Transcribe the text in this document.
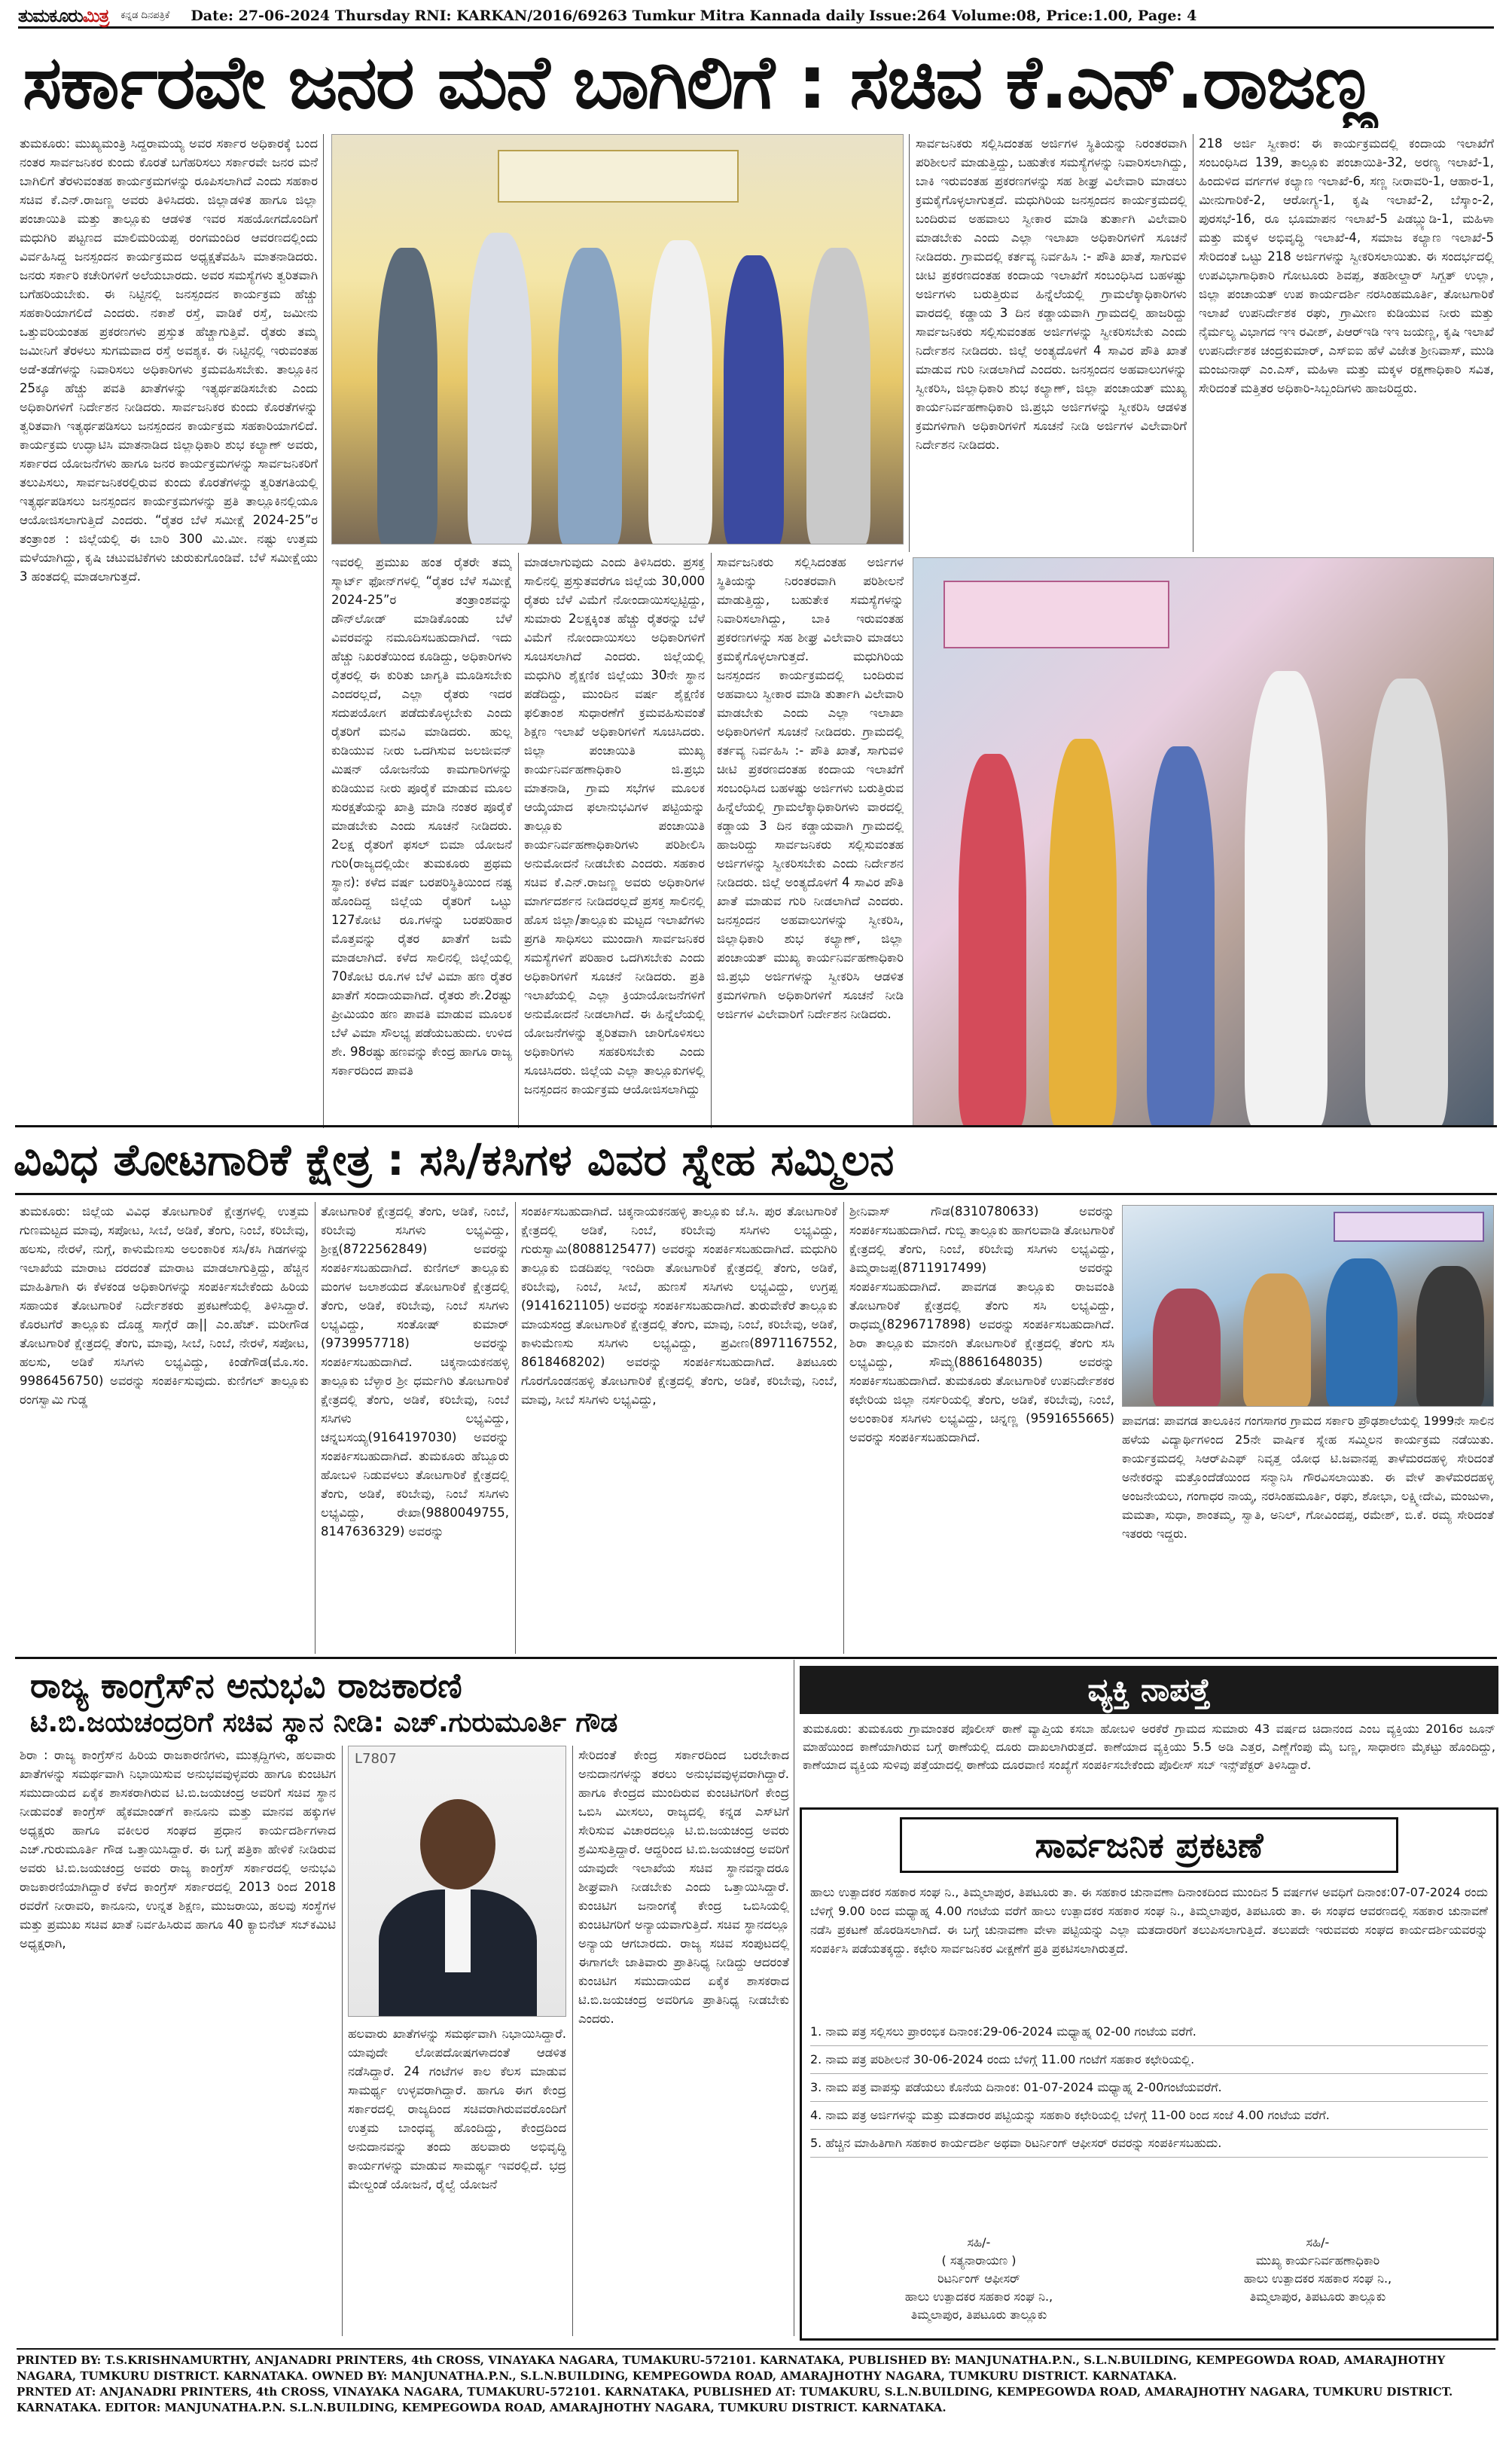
ತುಮಕೂರುಮಿತ್ರ ಕನ್ನಡ ದಿನಪತ್ರಿಕೆ Date: 27-06-2024 Thursday RNI: KARKAN/2016/69263 Tumkur Mitra Kannada daily Issue:264 Volume:08, Price:1.00, Page: 4
ಸರ್ಕಾರವೇ ಜನರ ಮನೆ ಬಾಗಿಲಿಗೆ : ಸಚಿವ ಕೆ.ಎನ್.ರಾಜಣ್ಣ
ತುಮಕೂರು: ಮುಖ್ಯಮಂತ್ರಿ ಸಿದ್ದರಾಮಯ್ಯ ಅವರ ಸರ್ಕಾರ ಅಧಿಕಾರಕ್ಕೆ ಬಂದ ನಂತರ ಸಾರ್ವಜನಿಕರ ಕುಂದು ಕೊರತೆ ಬಗೆಹರಿಸಲು ಸರ್ಕಾರವೇ ಜನರ ಮನೆ ಬಾಗಿಲಿಗೆ ತೆರಳುವಂತಹ ಕಾರ್ಯಕ್ರಮಗಳನ್ನು ರೂಪಿಸಲಾಗಿದೆ ಎಂದು ಸಹಕಾರ ಸಚಿವ ಕೆ.ಎನ್.ರಾಜಣ್ಣ ಅವರು ತಿಳಿಸಿದರು. ಜಿಲ್ಲಾಡಳಿತ ಹಾಗೂ ಜಿಲ್ಲಾ ಪಂಚಾಯಿತಿ ಮತ್ತು ತಾಲ್ಲೂಕು ಆಡಳಿತ ಇವರ ಸಹಯೋಗದೊಂದಿಗೆ ಮಧುಗಿರಿ ಪಟ್ಟಣದ ಮಾಲಿಮರಿಯಪ್ಪ ರಂಗಮಂದಿರ ಆವರಣದಲ್ಲಿಂದು ವಿರ್ವಹಿಸಿದ್ದ ಜನಸ್ಪಂದನ ಕಾರ್ಯಕ್ರಮದ ಅಧ್ಯಕ್ಷತೆವಹಿಸಿ ಮಾತನಾಡಿದರು. ಜನರು ಸರ್ಕಾರಿ ಕಚೇರಿಗಳಿಗೆ ಅಲೆಯಬಾರದು. ಅವರ ಸಮಸ್ಯೆಗಳು ತ್ವರಿತವಾಗಿ ಬಗೆಹರಿಯಬೇಕು. ಈ ನಿಟ್ಟಿನಲ್ಲಿ ಜನಸ್ಪಂದನ ಕಾರ್ಯಕ್ರಮ ಹೆಚ್ಚು ಸಹಕಾರಿಯಾಗಲಿದೆ ಎಂದರು. ನಕಾಶೆ ರಸ್ತೆ, ವಾಡಿಕೆ ರಸ್ತೆ, ಜಮೀನು ಒತ್ತುವರಿಯಂತಹ ಪ್ರಕರಣಗಳು ಪ್ರಸ್ತುತ ಹೆಚ್ಚಾಗುತ್ತಿವೆ. ರೈತರು ತಮ್ಮ ಜಮೀನಿಗೆ ತೆರಳಲು ಸುಗಮವಾದ ರಸ್ತೆ ಅವಶ್ಯಕ. ಈ ನಿಟ್ಟಿನಲ್ಲಿ ಇರುವಂತಹ ಅಡೆ-ತಡೆಗಳನ್ನು ನಿವಾರಿಸಲು ಅಧಿಕಾರಿಗಳು ಕ್ರಮವಹಿಸಬೇಕು. ತಾಲ್ಲೂಕಿನ 25ಕ್ಕೂ ಹೆಚ್ಚು ಪವತಿ ಖಾತೆಗಳನ್ನು ಇತ್ಯರ್ಥಪಡಿಸಬೇಕು ಎಂದು ಅಧಿಕಾರಿಗಳಿಗೆ ನಿರ್ದೇಶನ ನೀಡಿದರು. ಸಾರ್ವಜನಿಕರ ಕುಂದು ಕೊರತೆಗಳನ್ನು ತ್ವರಿತವಾಗಿ ಇತ್ಯರ್ಥಪಡಿಸಲು ಜನಸ್ಪಂದನ ಕಾರ್ಯಕ್ರಮ ಸಹಕಾರಿಯಾಗಲಿದೆ. ಕಾರ್ಯಕ್ರಮ ಉದ್ಘಾಟಿಸಿ ಮಾತನಾಡಿದ ಜಿಲ್ಲಾಧಿಕಾರಿ ಶುಭ ಕಲ್ಯಾಣ್ ಅವರು, ಸರ್ಕಾರದ ಯೋಜನೆಗಳು ಹಾಗೂ ಜನರ ಕಾರ್ಯಕ್ರಮಗಳನ್ನು ಸಾರ್ವಜನಿಕರಿಗೆ ತಲುಪಿಸಲು, ಸಾರ್ವಜನಿಕರಲ್ಲಿರುವ ಕುಂದು ಕೊರತೆಗಳನ್ನು ತ್ವರಿತಗತಿಯಲ್ಲಿ ಇತ್ಯರ್ಥಪಡಿಸಲು ಜನಸ್ಪಂದನ ಕಾರ್ಯಕ್ರಮಗಳನ್ನು ಪ್ರತಿ ತಾಲ್ಲೂಕಿನಲ್ಲಿಯೂ ಆಯೋಜಿಸಲಾಗುತ್ತಿದೆ ಎಂದರು. “ರೈತರ ಬೆಳೆ ಸಮೀಕ್ಷೆ 2024-25”ರ ತಂತ್ರಾಂಶ : ಜಿಲ್ಲೆಯಲ್ಲಿ ಈ ಬಾರಿ 300 ಮಿ.ಮೀ. ನಷ್ಟು ಉತ್ತಮ ಮಳೆಯಾಗಿದ್ದು, ಕೃಷಿ ಚಟುವಟಿಕೆಗಳು ಚುರುಕುಗೊಂಡಿವೆ. ಬೆಳೆ ಸಮೀಕ್ಷೆಯು 3 ಹಂತದಲ್ಲಿ ಮಾಡಲಾಗುತ್ತದೆ.
ಇವರಲ್ಲಿ ಪ್ರಮುಖ ಹಂತ ರೈತರೇ ತಮ್ಮ ಸ್ಮಾರ್ಟ್ ಫೋನ್‌ಗಳಲ್ಲಿ “ರೈತರ ಬೆಳೆ ಸಮೀಕ್ಷೆ 2024-25”ರ ತಂತ್ರಾಂಶವನ್ನು ಡೌನ್‌ಲೋಡ್ ಮಾಡಿಕೊಂಡು ಬೆಳೆ ವಿವರವನ್ನು ನಮೂದಿಸಬಹುದಾಗಿದೆ. ಇದು ಹೆಚ್ಚು ನಿಖರತೆಯಿಂದ ಕೂಡಿದ್ದು, ಅಧಿಕಾರಿಗಳು ರೈತರಲ್ಲಿ ಈ ಕುರಿತು ಜಾಗೃತಿ ಮೂಡಿಸಬೇಕು ಎಂದರಲ್ಲದೆ, ಎಲ್ಲಾ ರೈತರು ಇದರ ಸದುಪಯೋಗ ಪಡೆದುಕೊಳ್ಳಬೇಕು ಎಂದು ರೈತರಿಗೆ ಮನವಿ ಮಾಡಿದರು. ಹುಲ್ಲ ಕುಡಿಯುವ ನೀರು ಒದಗಿಸುವ ಜಲಜೀವನ್ ಮಿಷನ್ ಯೋಜನೆಯ ಕಾಮಗಾರಿಗಳನ್ನು ಕುಡಿಯುವ ನೀರು ಪೂರೈಕೆ ಮಾಡುವ ಮೂಲ ಸುರಕ್ಷತೆಯನ್ನು ಖಾತ್ರಿ ಮಾಡಿ ನಂತರ ಪೂರೈಕೆ ಮಾಡಬೇಕು ಎಂದು ಸೂಚನೆ ನೀಡಿದರು. 2ಲಕ್ಷ ರೈತರಿಗೆ ಫಸಲ್ ಬಿಮಾ ಯೋಜನೆ ಗುರಿ(ರಾಜ್ಯದಲ್ಲಿಯೇ ತುಮಕೂರು ಪ್ರಥಮ ಸ್ಥಾನ): ಕಳೆದ ವರ್ಷ ಬರಪರಿಸ್ಥಿತಿಯಿಂದ ನಷ್ಟ ಹೊಂದಿದ್ದ ಜಿಲ್ಲೆಯ ರೈತರಿಗೆ ಒಟ್ಟು 127ಕೋಟಿ ರೂ.ಗಳನ್ನು ಬರಪರಿಹಾರ ಮೊತ್ತವನ್ನು ರೈತರ ಖಾತೆಗೆ ಜಮೆ ಮಾಡಲಾಗಿದೆ. ಕಳೆದ ಸಾಲಿನಲ್ಲಿ ಜಿಲ್ಲೆಯಲ್ಲಿ 70ಕೋಟಿ ರೂ.ಗಳ ಬೆಳೆ ವಿಮಾ ಹಣ ರೈತರ ಖಾತೆಗೆ ಸಂದಾಯವಾಗಿದೆ. ರೈತರು ಶೇ.2ರಷ್ಟು ಪ್ರೀಮಿಯಂ ಹಣ ಪಾವತಿ ಮಾಡುವ ಮೂಲಕ ಬೆಳೆ ವಿಮಾ ಸೌಲಭ್ಯ ಪಡೆಯಬಹುದು. ಉಳಿದ ಶೇ. 98ರಷ್ಟು ಹಣವನ್ನು ಕೇಂದ್ರ ಹಾಗೂ ರಾಜ್ಯ ಸರ್ಕಾರದಿಂದ ಪಾವತಿ
ಮಾಡಲಾಗುವುದು ಎಂದು ತಿಳಿಸಿದರು. ಪ್ರಸಕ್ತ ಸಾಲಿನಲ್ಲಿ ಪ್ರಸ್ತುತವರೆಗೂ ಜಿಲ್ಲೆಯ 30,000 ರೈತರು ಬೆಳೆ ವಿಮೆಗೆ ನೋಂದಾಯಿಸಲ್ಪಟ್ಟಿದ್ದು, ಸುಮಾರು 2ಲಕ್ಷಕ್ಕಿಂತ ಹೆಚ್ಚು ರೈತರನ್ನು ಬೆಳೆ ವಿಮೆಗೆ ನೋಂದಾಯಿಸಲು ಅಧಿಕಾರಿಗಳಿಗೆ ಸೂಚಿಸಲಾಗಿದೆ ಎಂದರು. ಜಿಲ್ಲೆಯಲ್ಲಿ ಮಧುಗಿರಿ ಶೈಕ್ಷಣಿಕ ಜಿಲ್ಲೆಯು 30ನೇ ಸ್ಥಾನ ಪಡೆದಿದ್ದು, ಮುಂದಿನ ವರ್ಷ ಶೈಕ್ಷಣಿಕ ಫಲಿತಾಂಶ ಸುಧಾರಣೆಗೆ ಕ್ರಮವಹಿಸುವಂತೆ ಶಿಕ್ಷಣ ಇಲಾಖೆ ಅಧಿಕಾರಿಗಳಿಗೆ ಸೂಚಿಸಿದರು. ಜಿಲ್ಲಾ ಪಂಚಾಯಿತಿ ಮುಖ್ಯ ಕಾರ್ಯನಿರ್ವಹಣಾಧಿಕಾರಿ ಜಿ.ಪ್ರಭು ಮಾತನಾಡಿ, ಗ್ರಾಮ ಸಭೆಗಳ ಮೂಲಕ ಆಯ್ಕೆಯಾದ ಫಲಾನುಭವಿಗಳ ಪಟ್ಟಿಯನ್ನು ತಾಲ್ಲೂಕು ಪಂಚಾಯಿತಿ ಕಾರ್ಯನಿರ್ವಹಣಾಧಿಕಾರಿಗಳು ಪರಿಶೀಲಿಸಿ ಅನುಮೋದನೆ ನೀಡಬೇಕು ಎಂದರು. ಸಹಕಾರ ಸಚಿವ ಕೆ.ಎನ್.ರಾಜಣ್ಣ ಅವರು ಅಧಿಕಾರಿಗಳ ಮಾರ್ಗದರ್ಶನ ನೀಡಿದರಲ್ಲದೆ ಪ್ರಸಕ್ತ ಸಾಲಿನಲ್ಲಿ ಹೊಸ ಜಿಲ್ಲಾ/ತಾಲ್ಲೂಕು ಮಟ್ಟದ ಇಲಾಖೆಗಳು ಪ್ರಗತಿ ಸಾಧಿಸಲು ಮುಂದಾಗಿ ಸಾರ್ವಜನಿಕರ ಸಮಸ್ಯೆಗಳಿಗೆ ಪರಿಹಾರ ಒದಗಿಸಬೇಕು ಎಂದು ಅಧಿಕಾರಿಗಳಿಗೆ ಸೂಚನೆ ನೀಡಿದರು. ಪ್ರತಿ ಇಲಾಖೆಯಲ್ಲಿ ಎಲ್ಲಾ ಕ್ರಿಯಾಯೋಜನೆಗಳಿಗೆ ಅನುಮೋದನೆ ನೀಡಲಾಗಿದೆ. ಈ ಹಿನ್ನೆಲೆಯಲ್ಲಿ ಯೋಜನೆಗಳನ್ನು ತ್ವರಿತವಾಗಿ ಜಾರಿಗೊಳಿಸಲು ಅಧಿಕಾರಿಗಳು ಸಹಕರಿಸಬೇಕು ಎಂದು ಸೂಚಿಸಿದರು. ಜಿಲ್ಲೆಯ ಎಲ್ಲಾ ತಾಲ್ಲೂಕುಗಳಲ್ಲಿ ಜನಸ್ಪಂದನ ಕಾರ್ಯಕ್ರಮ ಆಯೋಜಿಸಲಾಗಿದ್ದು
ಸಾರ್ವಜನಿಕರು ಸಲ್ಲಿಸಿದಂತಹ ಅರ್ಜಿಗಳ ಸ್ಥಿತಿಯನ್ನು ನಿರಂತರವಾಗಿ ಪರಿಶೀಲನೆ ಮಾಡುತ್ತಿದ್ದು, ಬಹುತೇಕ ಸಮಸ್ಯೆಗಳನ್ನು ನಿವಾರಿಸಲಾಗಿದ್ದು, ಬಾಕಿ ಇರುವಂತಹ ಪ್ರಕರಣಗಳನ್ನು ಸಹ ಶೀಘ್ರ ವಿಲೇವಾರಿ ಮಾಡಲು ಕ್ರಮಕೈಗೊಳ್ಳಲಾಗುತ್ತದೆ. ಮಧುಗಿರಿಯ ಜನಸ್ಪಂದನ ಕಾರ್ಯಕ್ರಮದಲ್ಲಿ ಬಂದಿರುವ ಅಹವಾಲು ಸ್ವೀಕಾರ ಮಾಡಿ ತುರ್ತಾಗಿ ವಿಲೇವಾರಿ ಮಾಡಬೇಕು ಎಂದು ಎಲ್ಲಾ ಇಲಾಖಾ ಅಧಿಕಾರಿಗಳಿಗೆ ಸೂಚನೆ ನೀಡಿದರು. ಗ್ರಾಮದಲ್ಲಿ ಕರ್ತವ್ಯ ನಿರ್ವಹಿಸಿ :- ಪೌತಿ ಖಾತೆ, ಸಾಗುವಳಿ ಚೀಟಿ ಪ್ರಕರಣದಂತಹ ಕಂದಾಯ ಇಲಾಖೆಗೆ ಸಂಬಂಧಿಸಿದ ಬಹಳಷ್ಟು ಅರ್ಜಿಗಳು ಬರುತ್ತಿರುವ ಹಿನ್ನೆಲೆಯಲ್ಲಿ ಗ್ರಾಮಲೆಕ್ಕಾಧಿಕಾರಿಗಳು ವಾರದಲ್ಲಿ ಕಡ್ಡಾಯ 3 ದಿನ ಕಡ್ಡಾಯವಾಗಿ ಗ್ರಾಮದಲ್ಲಿ ಹಾಜರಿದ್ದು ಸಾರ್ವಜನಿಕರು ಸಲ್ಲಿಸುವಂತಹ ಅರ್ಜಿಗಳನ್ನು ಸ್ವೀಕರಿಸಬೇಕು ಎಂದು ನಿರ್ದೇಶನ ನೀಡಿದರು. ಜಿಲ್ಲೆ ಅಂತ್ಯದೊಳಗೆ 4 ಸಾವಿರ ಪೌತಿ ಖಾತೆ ಮಾಡುವ ಗುರಿ ನೀಡಲಾಗಿದೆ ಎಂದರು. ಜನಸ್ಪಂದನ ಅಹವಾಲುಗಳನ್ನು ಸ್ವೀಕರಿಸಿ, ಜಿಲ್ಲಾಧಿಕಾರಿ ಶುಭ ಕಲ್ಯಾಣ್, ಜಿಲ್ಲಾ ಪಂಚಾಯತ್ ಮುಖ್ಯ ಕಾರ್ಯನಿರ್ವಹಣಾಧಿಕಾರಿ ಜಿ.ಪ್ರಭು ಅರ್ಜಿಗಳನ್ನು ಸ್ವೀಕರಿಸಿ ಆಡಳಿತ ಕ್ರಮಗಳಿಗಾಗಿ ಅಧಿಕಾರಿಗಳಿಗೆ ಸೂಚನೆ ನೀಡಿ ಅರ್ಜಿಗಳ ವಿಲೇವಾರಿಗೆ ನಿರ್ದೇಶನ ನೀಡಿದರು.
ಸಾರ್ವಜನಿಕರು ಸಲ್ಲಿಸಿದಂತಹ ಅರ್ಜಿಗಳ ಸ್ಥಿತಿಯನ್ನು ನಿರಂತರವಾಗಿ ಪರಿಶೀಲನೆ ಮಾಡುತ್ತಿದ್ದು, ಬಹುತೇಕ ಸಮಸ್ಯೆಗಳನ್ನು ನಿವಾರಿಸಲಾಗಿದ್ದು, ಬಾಕಿ ಇರುವಂತಹ ಪ್ರಕರಣಗಳನ್ನು ಸಹ ಶೀಘ್ರ ವಿಲೇವಾರಿ ಮಾಡಲು ಕ್ರಮಕೈಗೊಳ್ಳಲಾಗುತ್ತದೆ. ಮಧುಗಿರಿಯ ಜನಸ್ಪಂದನ ಕಾರ್ಯಕ್ರಮದಲ್ಲಿ ಬಂದಿರುವ ಅಹವಾಲು ಸ್ವೀಕಾರ ಮಾಡಿ ತುರ್ತಾಗಿ ವಿಲೇವಾರಿ ಮಾಡಬೇಕು ಎಂದು ಎಲ್ಲಾ ಇಲಾಖಾ ಅಧಿಕಾರಿಗಳಿಗೆ ಸೂಚನೆ ನೀಡಿದರು. ಗ್ರಾಮದಲ್ಲಿ ಕರ್ತವ್ಯ ನಿರ್ವಹಿಸಿ :- ಪೌತಿ ಖಾತೆ, ಸಾಗುವಳಿ ಚೀಟಿ ಪ್ರಕರಣದಂತಹ ಕಂದಾಯ ಇಲಾಖೆಗೆ ಸಂಬಂಧಿಸಿದ ಬಹಳಷ್ಟು ಅರ್ಜಿಗಳು ಬರುತ್ತಿರುವ ಹಿನ್ನೆಲೆಯಲ್ಲಿ ಗ್ರಾಮಲೆಕ್ಕಾಧಿಕಾರಿಗಳು ವಾರದಲ್ಲಿ ಕಡ್ಡಾಯ 3 ದಿನ ಕಡ್ಡಾಯವಾಗಿ ಗ್ರಾಮದಲ್ಲಿ ಹಾಜರಿದ್ದು ಸಾರ್ವಜನಿಕರು ಸಲ್ಲಿಸುವಂತಹ ಅರ್ಜಿಗಳನ್ನು ಸ್ವೀಕರಿಸಬೇಕು ಎಂದು ನಿರ್ದೇಶನ ನೀಡಿದರು. ಜಿಲ್ಲೆ ಅಂತ್ಯದೊಳಗೆ 4 ಸಾವಿರ ಪೌತಿ ಖಾತೆ ಮಾಡುವ ಗುರಿ ನೀಡಲಾಗಿದೆ ಎಂದರು. ಜನಸ್ಪಂದನ ಅಹವಾಲುಗಳನ್ನು ಸ್ವೀಕರಿಸಿ, ಜಿಲ್ಲಾಧಿಕಾರಿ ಶುಭ ಕಲ್ಯಾಣ್, ಜಿಲ್ಲಾ ಪಂಚಾಯತ್ ಮುಖ್ಯ ಕಾರ್ಯನಿರ್ವಹಣಾಧಿಕಾರಿ ಜಿ.ಪ್ರಭು ಅರ್ಜಿಗಳನ್ನು ಸ್ವೀಕರಿಸಿ ಆಡಳಿತ ಕ್ರಮಗಳಿಗಾಗಿ ಅಧಿಕಾರಿಗಳಿಗೆ ಸೂಚನೆ ನೀಡಿ ಅರ್ಜಿಗಳ ವಿಲೇವಾರಿಗೆ ನಿರ್ದೇಶನ ನೀಡಿದರು.
218 ಅರ್ಜಿ ಸ್ವೀಕಾರ: ಈ ಕಾರ್ಯಕ್ರಮದಲ್ಲಿ ಕಂದಾಯ ಇಲಾಖೆಗೆ ಸಂಬಂಧಿಸಿದ 139, ತಾಲ್ಲೂಕು ಪಂಚಾಯಿತಿ-32, ಅರಣ್ಯ ಇಲಾಖೆ-1, ಹಿಂದುಳಿದ ವರ್ಗಗಳ ಕಲ್ಯಾಣ ಇಲಾಖೆ-6, ಸಣ್ಣ ನೀರಾವರಿ-1, ಆಹಾರ-1, ಮೀನುಗಾರಿಕೆ-2, ಆರೋಗ್ಯ-1, ಕೃಷಿ ಇಲಾಖೆ-2, ಬೆಸ್ಕಾಂ-2, ಪುರಸಭೆ-16, ರೂ ಭೂಮಾಪನ ಇಲಾಖೆ-5 ಪಿಡಬ್ಲ್ಯುಡಿ-1, ಮಹಿಳಾ ಮತ್ತು ಮಕ್ಕಳ ಅಭಿವೃದ್ಧಿ ಇಲಾಖೆ-4, ಸಮಾಜ ಕಲ್ಯಾಣ ಇಲಾಖೆ-5 ಸೇರಿದಂತೆ ಒಟ್ಟು 218 ಅರ್ಜಿಗಳನ್ನು ಸ್ವೀಕರಿಸಲಾಯಿತು. ಈ ಸಂದರ್ಭದಲ್ಲಿ ಉಪವಿಭಾಗಾಧಿಕಾರಿ ಗೋಟೂರು ಶಿವಪ್ಪ, ತಹಶೀಲ್ದಾರ್ ಸಿಗ್ಬತ್ ಉಲ್ಲಾ, ಜಿಲ್ಲಾ ಪಂಚಾಯತ್ ಉಪ ಕಾರ್ಯದರ್ಶಿ ನರಸಿಂಹಮೂರ್ತಿ, ತೋಟಗಾರಿಕೆ ಇಲಾಖೆ ಉಪನಿರ್ದೇಶಕ ರಘು, ಗ್ರಾಮೀಣ ಕುಡಿಯುವ ನೀರು ಮತ್ತು ನೈರ್ಮಲ್ಯ ವಿಭಾಗದ ಇಇ ರವೀಶ್, ಪಿಆರ್‌ಇಡಿ ಇಇ ಜಯಣ್ಣ, ಕೃಷಿ ಇಲಾಖೆ ಉಪನಿರ್ದೇಶಕ ಚಂದ್ರಕುಮಾರ್, ಎಸ್ಐಐ ಹೆಳೆ ವಿಜೇತ ಶ್ರೀನಿವಾಸ್, ಮುಡಿ ಮಂಜುನಾಥ್ ಎಂ.ಎಸ್, ಮಹಿಳಾ ಮತ್ತು ಮಕ್ಕಳ ರಕ್ಷಣಾಧಿಕಾರಿ ಸವಿತ, ಸೇರಿದಂತೆ ಮತ್ತಿತರ ಅಧಿಕಾರಿ-ಸಿಬ್ಬಂದಿಗಳು ಹಾಜರಿದ್ದರು.
ವಿವಿಧ ತೋಟಗಾರಿಕೆ ಕ್ಷೇತ್ರ : ಸಸಿ/ಕಸಿಗಳ ವಿವರ ಸ್ನೇಹ ಸಮ್ಮಿಲನ
ತುಮಕೂರು: ಜಿಲ್ಲೆಯ ವಿವಿಧ ತೋಟಗಾರಿಕೆ ಕ್ಷೇತ್ರಗಳಲ್ಲಿ ಉತ್ತಮ ಗುಣಮಟ್ಟದ ಮಾವು, ಸಪೋಟ, ಸೀಬೆ, ಅಡಿಕೆ, ತೆಂಗು, ನಿಂಬೆ, ಕರಿಬೇವು, ಹಲಸು, ನೇರಳೆ, ನುಗ್ಗೆ, ಕಾಳುಮೆಣಸು ಅಲಂಕಾರಿಕ ಸಸಿ/ಕಸಿ ಗಿಡಗಳನ್ನು ಇಲಾಖೆಯ ಮಾರಾಟ ದರದಂತೆ ಮಾರಾಟ ಮಾಡಲಾಗುತ್ತಿದ್ದು, ಹೆಚ್ಚಿನ ಮಾಹಿತಿಗಾಗಿ ಈ ಕೆಳಕಂಡ ಅಧಿಕಾರಿಗಳನ್ನು ಸಂಪರ್ಕಿಸಬೇಕೆಂದು ಹಿರಿಯ ಸಹಾಯಕ ತೋಟಗಾರಿಕೆ ನಿರ್ದೇಶಕರು ಪ್ರಕಟಣೆಯಲ್ಲಿ ತಿಳಿಸಿದ್ದಾರೆ. ಕೊರಟಗೆರೆ ತಾಲ್ಲೂಕು ದೊಡ್ಡ ಸಾಗ್ಗೆರೆ ಡಾ|| ಎಂ.ಹೆಚ್. ಮರೀಗೌಡ ತೋಟಗಾರಿಕೆ ಕ್ಷೇತ್ರದಲ್ಲಿ ತೆಂಗು, ಮಾವು, ಸೀಬೆ, ನಿಂಬೆ, ನೇರಳೆ, ಸಪೋಟ, ಹಲಸು, ಅಡಿಕೆ ಸಸಿಗಳು ಲಭ್ಯವಿದ್ದು, ಕಿಂಡೆಗೌಡ(ಮೊ.ಸಂ. 9986456750) ಅವರನ್ನು ಸಂಪರ್ಕಿಸುವುದು. ಕುಣಿಗಲ್ ತಾಲ್ಲೂಕು ರಂಗಸ್ವಾಮಿ ಗುಡ್ಡ
ತೋಟಗಾರಿಕೆ ಕ್ಷೇತ್ರದಲ್ಲಿ ತೆಂಗು, ಅಡಿಕೆ, ನಿಂಬೆ, ಕರಿಬೇವು ಸಸಿಗಳು ಲಭ್ಯವಿದ್ದು, ಶ್ರೀಕ್ಷ(8722562849) ಅವರನ್ನು ಸಂಪರ್ಕಿಸಬಹುದಾಗಿದೆ. ಕುಣಿಗಲ್ ತಾಲ್ಲೂಕು ಮಂಗಳ ಜಲಾಶಯದ ತೋಟಗಾರಿಕೆ ಕ್ಷೇತ್ರದಲ್ಲಿ ತೆಂಗು, ಅಡಿಕೆ, ಕರಿಬೇವು, ನಿಂಬೆ ಸಸಿಗಳು ಲಭ್ಯವಿದ್ದು, ಸಂತೋಷ್ ಕುಮಾರ್ (9739957718) ಅವರನ್ನು ಸಂಪರ್ಕಿಸಬಹುದಾಗಿದೆ. ಚಿಕ್ಕನಾಯಕನಹಳ್ಳಿ ತಾಲ್ಲೂಕು ಬೆಳ್ಳಾರ ಶ್ರೀ ಧರ್ಮಗಿರಿ ತೋಟಗಾರಿಕೆ ಕ್ಷೇತ್ರದಲ್ಲಿ ತೆಂಗು, ಅಡಿಕೆ, ಕರಿಬೇವು, ನಿಂಬೆ ಸಸಿಗಳು ಲಭ್ಯವಿದ್ದು, ಚನ್ನಬಸಯ್ಯ(9164197030) ಅವರನ್ನು ಸಂಪರ್ಕಿಸಬಹುದಾಗಿದೆ. ತುಮಕೂರು ಹೆಬ್ಬೂರು ಹೋಬಳಿ ನಿಡುವಳಲು ತೋಟಗಾರಿಕೆ ಕ್ಷೇತ್ರದಲ್ಲಿ ತೆಂಗು, ಅಡಿಕೆ, ಕರಿಬೇವು, ನಿಂಬೆ ಸಸಿಗಳು ಲಭ್ಯವಿದ್ದು, ರೇಖಾ(9880049755, 8147636329) ಅವರನ್ನು
ಸಂಪರ್ಕಿಸಬಹುದಾಗಿದೆ. ಚಿಕ್ಕನಾಯಕನಹಳ್ಳಿ ತಾಲ್ಲೂಕು ಜೆ.ಸಿ. ಪುರ ತೋಟಗಾರಿಕೆ ಕ್ಷೇತ್ರದಲ್ಲಿ ಅಡಿಕೆ, ನಿಂಬೆ, ಕರಿಬೇವು ಸಸಿಗಳು ಲಭ್ಯವಿದ್ದು, ಗುರುಸ್ವಾಮಿ(8088125477) ಅವರನ್ನು ಸಂಪರ್ಕಿಸಬಹುದಾಗಿದೆ. ಮಧುಗಿರಿ ತಾಲ್ಲೂಕು ಬಿಡದಿಪಲ್ಲ ಇಂದಿರಾ ತೋಟಗಾರಿಕೆ ಕ್ಷೇತ್ರದಲ್ಲಿ ತೆಂಗು, ಅಡಿಕೆ, ಕರಿಬೇವು, ನಿಂಬೆ, ಸೀಬೆ, ಹುಣಸೆ ಸಸಿಗಳು ಲಭ್ಯವಿದ್ದು, ಉಗ್ರಪ್ಪ (9141621105) ಅವರನ್ನು ಸಂಪರ್ಕಿಸಬಹುದಾಗಿದೆ. ತುರುವೇಕೆರೆ ತಾಲ್ಲೂಕು ಮಾಯಸಂದ್ರ ತೋಟಗಾರಿಕೆ ಕ್ಷೇತ್ರದಲ್ಲಿ ತೆಂಗು, ಮಾವು, ನಿಂಬೆ, ಕರಿಬೇವು, ಅಡಿಕೆ, ಕಾಳುಮೆಣಸು ಸಸಿಗಳು ಲಭ್ಯವಿದ್ದು, ಪ್ರವೀಣ(8971167552, 8618468202) ಅವರನ್ನು ಸಂಪರ್ಕಿಸಬಹುದಾಗಿದೆ. ತಿಪಟೂರು ಗೊರಗೊಂಡನಹಳ್ಳಿ ತೋಟಗಾರಿಕೆ ಕ್ಷೇತ್ರದಲ್ಲಿ ತೆಂಗು, ಅಡಿಕೆ, ಕರಿಬೇವು, ನಿಂಬೆ, ಮಾವು, ಸೀಬೆ ಸಸಿಗಳು ಲಭ್ಯವಿದ್ದು,
ಶ್ರೀನಿವಾಸ್ ಗೌಡ(8310780633) ಅವರನ್ನು ಸಂಪರ್ಕಿಸಬಹುದಾಗಿದೆ. ಗುಬ್ಬಿ ತಾಲ್ಲೂಕು ಹಾಗಲವಾಡಿ ತೋಟಗಾರಿಕೆ ಕ್ಷೇತ್ರದಲ್ಲಿ ತೆಂಗು, ನಿಂಬೆ, ಕರಿಬೇವು ಸಸಿಗಳು ಲಭ್ಯವಿದ್ದು, ತಿಮ್ಮರಾಜಪ್ಪ(8711917499) ಅವರನ್ನು ಸಂಪರ್ಕಿಸಬಹುದಾಗಿದೆ. ಪಾವಗಡ ತಾಲ್ಲೂಕು ರಾಜವಂತಿ ತೋಟಗಾರಿಕೆ ಕ್ಷೇತ್ರದಲ್ಲಿ ತೆಂಗು ಸಸಿ ಲಭ್ಯವಿದ್ದು, ರಾಧಮ್ಮ(8296717898) ಅವರನ್ನು ಸಂಪರ್ಕಿಸಬಹುದಾಗಿದೆ. ಶಿರಾ ತಾಲ್ಲೂಕು ಮಾನಂಗಿ ತೋಟಗಾರಿಕೆ ಕ್ಷೇತ್ರದಲ್ಲಿ ತೆಂಗು ಸಸಿ ಲಭ್ಯವಿದ್ದು, ಸೌಮ್ಯ(8861648035) ಅವರನ್ನು ಸಂಪರ್ಕಿಸಬಹುದಾಗಿದೆ. ತುಮಕೂರು ತೋಟಗಾರಿಕೆ ಉಪನಿರ್ದೇಶಕರ ಕಛೇರಿಯ ಜಿಲ್ಲಾ ನರ್ಸರಿಯಲ್ಲಿ ತೆಂಗು, ಅಡಿಕೆ, ಕರಿಬೇವು, ನಿಂಬೆ, ಅಲಂಕಾರಿಕ ಸಸಿಗಳು ಲಭ್ಯವಿದ್ದು, ಚಿನ್ನಣ್ಣ (9591655665) ಅವರನ್ನು ಸಂಪರ್ಕಿಸಬಹುದಾಗಿದೆ.
ಪಾವಗಡ: ಪಾವಗಡ ತಾಲೂಕಿನ ಗಂಗಸಾಗರ ಗ್ರಾಮದ ಸರ್ಕಾರಿ ಪ್ರೌಢಶಾಲೆಯಲ್ಲಿ 1999ನೇ ಸಾಲಿನ ಹಳೆಯ ವಿದ್ಯಾರ್ಥಿಗಳಿಂದ 25ನೇ ವಾರ್ಷಿಕ ಸ್ನೇಹ ಸಮ್ಮಿಲನ ಕಾರ್ಯಕ್ರಮ ನಡೆಯಿತು. ಕಾರ್ಯಕ್ರಮದಲ್ಲಿ ಸಿಆರ್‌ಪಿಎಫ್ ನಿವೃತ್ತ ಯೋಧ ಟಿ.ಜವಾನಪ್ಪ ತಾಳೆಮರದಹಳ್ಳಿ ಸೇರಿದಂತೆ ಅನೇಕರನ್ನು ಮತ್ತೊಂದೆಡೆಯಿಂದ ಸನ್ಮಾನಿಸಿ ಗೌರವಿಸಲಾಯಿತು. ಈ ವೇಳೆ ತಾಳೆಮರದಹಳ್ಳಿ ಅಂಜನೇಯಲು, ಗಂಗಾಧರ ನಾಯ್ಕ, ನರಸಿಂಹಮೂರ್ತಿ, ರಘು, ಶೋಭಾ, ಲಕ್ಷ್ಮೀದೇವಿ, ಮಂಜುಳಾ, ಮಮತಾ, ಸುಧಾ, ಶಾಂತಮ್ಮ, ಸ್ವಾತಿ, ಅನಿಲ್, ಗೋವಿಂದಪ್ಪ, ರಮೇಶ್, ಬಿ.ಕೆ. ರಮ್ಯ ಸೇರಿದಂತೆ ಇತರರು ಇದ್ದರು.
ರಾಜ್ಯ ಕಾಂಗ್ರೆಸ್‌ನ ಅನುಭವಿ ರಾಜಕಾರಣಿ
ಟಿ.ಬಿ.ಜಯಚಂದ್ರರಿಗೆ ಸಚಿವ ಸ್ಥಾನ ನೀಡಿ: ಎಚ್.ಗುರುಮೂರ್ತಿ ಗೌಡ
ಶಿರಾ : ರಾಜ್ಯ ಕಾಂಗ್ರೆಸ್‌ನ ಹಿರಿಯ ರಾಜಕಾರಣಿಗಳು, ಮುತ್ಸದ್ದಿಗಳು, ಹಲವಾರು ಖಾತೆಗಳನ್ನು ಸಮರ್ಥವಾಗಿ ನಿಭಾಯಿಸುವ ಅನುಭವವುಳ್ಳವರು ಹಾಗೂ ಕುಂಚಿಟಿಗ ಸಮುದಾಯದ ಏಕೈಕ ಶಾಸಕರಾಗಿರುವ ಟಿ.ಬಿ.ಜಯಚಂದ್ರ ಅವರಿಗೆ ಸಚಿವ ಸ್ಥಾನ ನೀಡುವಂತೆ ಕಾಂಗ್ರೆಸ್ ಹೈಕಮಾಂಡ್‌ಗೆ ಕಾನೂನು ಮತ್ತು ಮಾನವ ಹಕ್ಕುಗಳ ಅಧ್ಯಕ್ಷರು ಹಾಗೂ ವಕೀಲರ ಸಂಘದ ಪ್ರಧಾನ ಕಾರ್ಯದರ್ಶಿಗಳಾದ ಎಚ್.ಗುರುಮೂರ್ತಿ ಗೌಡ ಒತ್ತಾಯಿಸಿದ್ದಾರೆ. ಈ ಬಗ್ಗೆ ಪತ್ರಿಕಾ ಹೇಳಿಕೆ ನೀಡಿರುವ ಅವರು ಟಿ.ಬಿ.ಜಯಚಂದ್ರ ಅವರು ರಾಜ್ಯ ಕಾಂಗ್ರೆಸ್ ಸರ್ಕಾರದಲ್ಲಿ ಅನುಭವಿ ರಾಜಕಾರಣಿಯಾಗಿದ್ದಾರೆ ಕಳೆದ ಕಾಂಗ್ರೆಸ್ ಸರ್ಕಾರದಲ್ಲಿ 2013 ರಿಂದ 2018 ರವರೆಗೆ ನೀರಾವರಿ, ಕಾನೂನು, ಉನ್ನತ ಶಿಕ್ಷಣ, ಮುಜರಾಯಿ, ಹಲವು ಸಂಸ್ಥೆಗಳ ಮತ್ತು ಪ್ರಮುಖ ಸಚಿವ ಖಾತೆ ನಿರ್ವಹಿಸಿರುವ ಹಾಗೂ 40 ಕ್ಯಾಬಿನೆಟ್ ಸಬ್‌ಕಮಿಟಿ ಅಧ್ಯಕ್ಷರಾಗಿ,
L7807
ಹಲವಾರು ಖಾತೆಗಳನ್ನು ಸಮರ್ಥವಾಗಿ ನಿಭಾಯಿಸಿದ್ದಾರೆ. ಯಾವುದೇ ಲೋಪದೋಷಗಳಾದಂತೆ ಆಡಳಿತ ನಡೆಸಿದ್ದಾರೆ. 24 ಗಂಟೆಗಳ ಕಾಲ ಕೆಲಸ ಮಾಡುವ ಸಾಮರ್ಥ್ಯ ಉಳ್ಳವರಾಗಿದ್ದಾರೆ. ಹಾಗೂ ಈಗ ಕೇಂದ್ರ ಸರ್ಕಾರದಲ್ಲಿ ರಾಜ್ಯದಿಂದ ಸಚಿವರಾಗಿರುವವರೊಂದಿಗೆ ಉತ್ತಮ ಬಾಂಧವ್ಯ ಹೊಂದಿದ್ದು, ಕೇಂದ್ರದಿಂದ ಅನುದಾನವನ್ನು ತಂದು ಹಲವಾರು ಅಭಿವೃದ್ಧಿ ಕಾರ್ಯಗಳನ್ನು ಮಾಡುವ ಸಾಮರ್ಥ್ಯ ಇವರಲ್ಲಿದೆ. ಭದ್ರ ಮೇಲ್ದಂಡೆ ಯೋಜನೆ, ರೈಲ್ವೆ ಯೋಜನೆ
ಸೇರಿದಂತೆ ಕೇಂದ್ರ ಸರ್ಕಾರದಿಂದ ಬರಬೇಕಾದ ಅನುದಾನಗಳನ್ನು ತರಲು ಅನುಭವವುಳ್ಳವರಾಗಿದ್ದಾರೆ. ಹಾಗೂ ಕೇಂದ್ರದ ಮುಂದಿರುವ ಕುಂಚಿಟಿಗರಿಗೆ ಕೇಂದ್ರ ಒಬಿಸಿ ಮೀಸಲು, ರಾಜ್ಯದಲ್ಲಿ ಕನ್ನಡ ಎಸ್‌ಟಿಗೆ ಸೇರಿಸುವ ವಿಚಾರದಲ್ಲೂ ಟಿ.ಬಿ.ಜಯಚಂದ್ರ ಅವರು ಶ್ರಮಿಸುತ್ತಿದ್ದಾರೆ. ಆದ್ದರಿಂದ ಟಿ.ಬಿ.ಜಯಚಂದ್ರ ಅವರಿಗೆ ಯಾವುದೇ ಇಲಾಖೆಯ ಸಚಿವ ಸ್ಥಾನವನ್ನಾದರೂ ಶೀಘ್ರವಾಗಿ ನೀಡಬೇಕು ಎಂದು ಒತ್ತಾಯಿಸಿದ್ದಾರೆ. ಕುಂಚಿಟಿಗ ಜನಾಂಗಕ್ಕೆ ಕೇಂದ್ರ ಒಬಿಸಿಯಲ್ಲಿ ಕುಂಚಿಟಿಗರಿಗೆ ಅನ್ಯಾಯವಾಗುತ್ತಿದೆ. ಸಚಿವ ಸ್ಥಾನದಲ್ಲೂ ಅನ್ಯಾಯ ಆಗಬಾರದು. ರಾಜ್ಯ ಸಚಿವ ಸಂಪುಟದಲ್ಲಿ ಈಗಾಗಲೇ ಜಾತಿವಾರು ಪ್ರಾತಿನಿಧ್ಯ ನೀಡಿದ್ದು ಆದರಂತೆ ಕುಂಚಿಟಿಗ ಸಮುದಾಯದ ಏಕೈಕ ಶಾಸಕರಾದ ಟಿ.ಬಿ.ಜಯಚಂದ್ರ ಅವರಿಗೂ ಪ್ರಾತಿನಿಧ್ಯ ನೀಡಬೇಕು ಎಂದರು.
ವ್ಯಕ್ತಿ ನಾಪತ್ತೆ
ತುಮಕೂರು: ತುಮಕೂರು ಗ್ರಾಮಾಂತರ ಪೊಲೀಸ್ ಠಾಣೆ ವ್ಯಾಪ್ತಿಯ ಕಸಬಾ ಹೋಬಳಿ ಅರಕೆರೆ ಗ್ರಾಮದ ಸುಮಾರು 43 ವರ್ಷದ ಚಿದಾನಂದ ಎಂಬ ವ್ಯಕ್ತಿಯು 2016ರ ಜೂನ್ ಮಾಹೆಯಿಂದ ಕಾಣೆಯಾಗಿರುವ ಬಗ್ಗೆ ಠಾಣೆಯಲ್ಲಿ ದೂರು ದಾಖಲಾಗಿರುತ್ತದೆ. ಕಾಣೆಯಾದ ವ್ಯಕ್ತಿಯು 5.5 ಅಡಿ ಎತ್ತರ, ಎಣ್ಣೆಗೆಂಪು ಮೈ ಬಣ್ಣ, ಸಾಧಾರಣ ಮೈಕಟ್ಟು ಹೊಂದಿದ್ದು, ಕಾಣೆಯಾದ ವ್ಯಕ್ತಿಯ ಸುಳಿವು ಪತ್ತೆಯಾದಲ್ಲಿ ಠಾಣೆಯ ದೂರವಾಣಿ ಸಂಖ್ಯೆಗೆ ಸಂಪರ್ಕಿಸಬೇಕೆಂದು ಪೊಲೀಸ್ ಸಬ್ ಇನ್ಸ್‌ಪೆಕ್ಟರ್ ತಿಳಿಸಿದ್ದಾರೆ.
ಸಾರ್ವಜನಿಕ ಪ್ರಕಟಣೆ
ಹಾಲು ಉತ್ಪಾದಕರ ಸಹಕಾರ ಸಂಘ ನಿ., ತಿಮ್ಮಲಾಪುರ, ತಿಪಟೂರು ತಾ. ಈ ಸಹಕಾರ ಚುನಾವಣಾ ದಿನಾಂಕದಿಂದ ಮುಂದಿನ 5 ವರ್ಷಗಳ ಅವಧಿಗೆ ದಿನಾಂಕ:07-07-2024 ರಂದು ಬೆಳಿಗ್ಗೆ 9.00 ರಿಂದ ಮಧ್ಯಾಹ್ನ 4.00 ಗಂಟೆಯ ವರೆಗೆ ಹಾಲು ಉತ್ಪಾದಕರ ಸಹಕಾರ ಸಂಘ ನಿ., ತಿಮ್ಮಲಾಪುರ, ತಿಪಟೂರು ತಾ. ಈ ಸಂಘದ ಆವರಣದಲ್ಲಿ ಸಹಕಾರ ಚುನಾವಣೆ ನಡೆಸಿ ಪ್ರಕಟಣೆ ಹೊರಡಿಸಲಾಗಿದೆ. ಈ ಬಗ್ಗೆ ಚುನಾವಣಾ ವೇಳಾ ಪಟ್ಟಿಯನ್ನು ಎಲ್ಲಾ ಮತದಾರರಿಗೆ ತಲುಪಿಸಲಾಗುತ್ತಿದೆ. ತಲುಪದೇ ಇರುವವರು ಸಂಘದ ಕಾರ್ಯದರ್ಶಿಯವರನ್ನು ಸಂಪರ್ಕಿಸಿ ಪಡೆಯತಕ್ಕದ್ದು. ಕಛೇರಿ ಸಾರ್ವಜನಿಕರ ವೀಕ್ಷಣೆಗೆ ಪ್ರತಿ ಪ್ರಕಟಿಸಲಾಗಿರುತ್ತದೆ.
1. ನಾಮ ಪತ್ರ ಸಲ್ಲಿಸಲು ಪ್ರಾರಂಭಿಕ ದಿನಾಂಕ:29-06-2024 ಮಧ್ಯಾಹ್ನ 02-00 ಗಂಟೆಯ ವರೆಗೆ.
2. ನಾಮ ಪತ್ರ ಪರಿಶೀಲನೆ 30-06-2024 ರಂದು ಬೆಳಿಗ್ಗೆ 11.00 ಗಂಟೆಗೆ ಸಹಕಾರ ಕಛೇರಿಯಲ್ಲಿ.
3. ನಾಮ ಪತ್ರ ವಾಪಸ್ಸು ಪಡೆಯಲು ಕೊನೆಯ ದಿನಾಂಕ: 01-07-2024 ಮಧ್ಯಾಹ್ನ 2-00ಗಂಟೆಯವರೆಗೆ.
4. ನಾಮ ಪತ್ರ ಅರ್ಜಿಗಳನ್ನು ಮತ್ತು ಮತದಾರರ ಪಟ್ಟಿಯನ್ನು ಸಹಕಾರಿ ಕಛೇರಿಯಲ್ಲಿ ಬೆಳಿಗ್ಗೆ 11-00 ರಿಂದ ಸಂಜೆ 4.00 ಗಂಟೆಯ ವರೆಗೆ.
5. ಹೆಚ್ಚಿನ ಮಾಹಿತಿಗಾಗಿ ಸಹಕಾರ ಕಾರ್ಯದರ್ಶಿ ಅಥವಾ ರಿಟರ್ನಿಂಗ್ ಆಫೀಸರ್ ರವರನ್ನು ಸಂಪರ್ಕಿಸಬಹುದು.
ಸಹಿ/-
( ಸತ್ಯನಾರಾಯಣ )
ರಿಟರ್ನಿಂಗ್ ಆಫೀಸರ್
ಹಾಲು ಉತ್ಪಾದಕರ ಸಹಕಾರ ಸಂಘ ನಿ.,
ತಿಮ್ಮಲಾಪುರ, ತಿಪಟೂರು ತಾಲ್ಲೂಕು
ಸಹಿ/-
ಮುಖ್ಯ ಕಾರ್ಯನಿರ್ವಹಣಾಧಿಕಾರಿ
ಹಾಲು ಉತ್ಪಾದಕರ ಸಹಕಾರ ಸಂಘ ನಿ.,
ತಿಮ್ಮಲಾಪುರ, ತಿಪಟೂರು ತಾಲ್ಲೂಕು
PRINTED BY: T.S.KRISHNAMURTHY, ANJANADRI PRINTERS, 4th CROSS, VINAYAKA NAGARA, TUMAKURU-572101. KARNATAKA, PUBLISHED BY: MANJUNATHA.P.N., S.L.N.BUILDING, KEMPEGOWDA ROAD, AMARAJHOTHY NAGARA, TUMKURU DISTRICT. KARNATAKA. OWNED BY: MANJUNATHA.P.N., S.L.N.BUILDING, KEMPEGOWDA ROAD, AMARAJHOTHY NAGARA, TUMKURU DISTRICT. KARNATAKA.
PRNTED AT: ANJANADRI PRINTERS, 4th CROSS, VINAYAKA NAGARA, TUMAKURU-572101. KARNATAKA, PUBLISHED AT: TUMAKURU, S.L.N.BUILDING, KEMPEGOWDA ROAD, AMARAJHOTHY NAGARA, TUMKURU DISTRICT. KARNATAKA. EDITOR: MANJUNATHA.P.N. S.L.N.BUILDING, KEMPEGOWDA ROAD, AMARAJHOTHY NAGARA, TUMKURU DISTRICT. KARNATAKA.
